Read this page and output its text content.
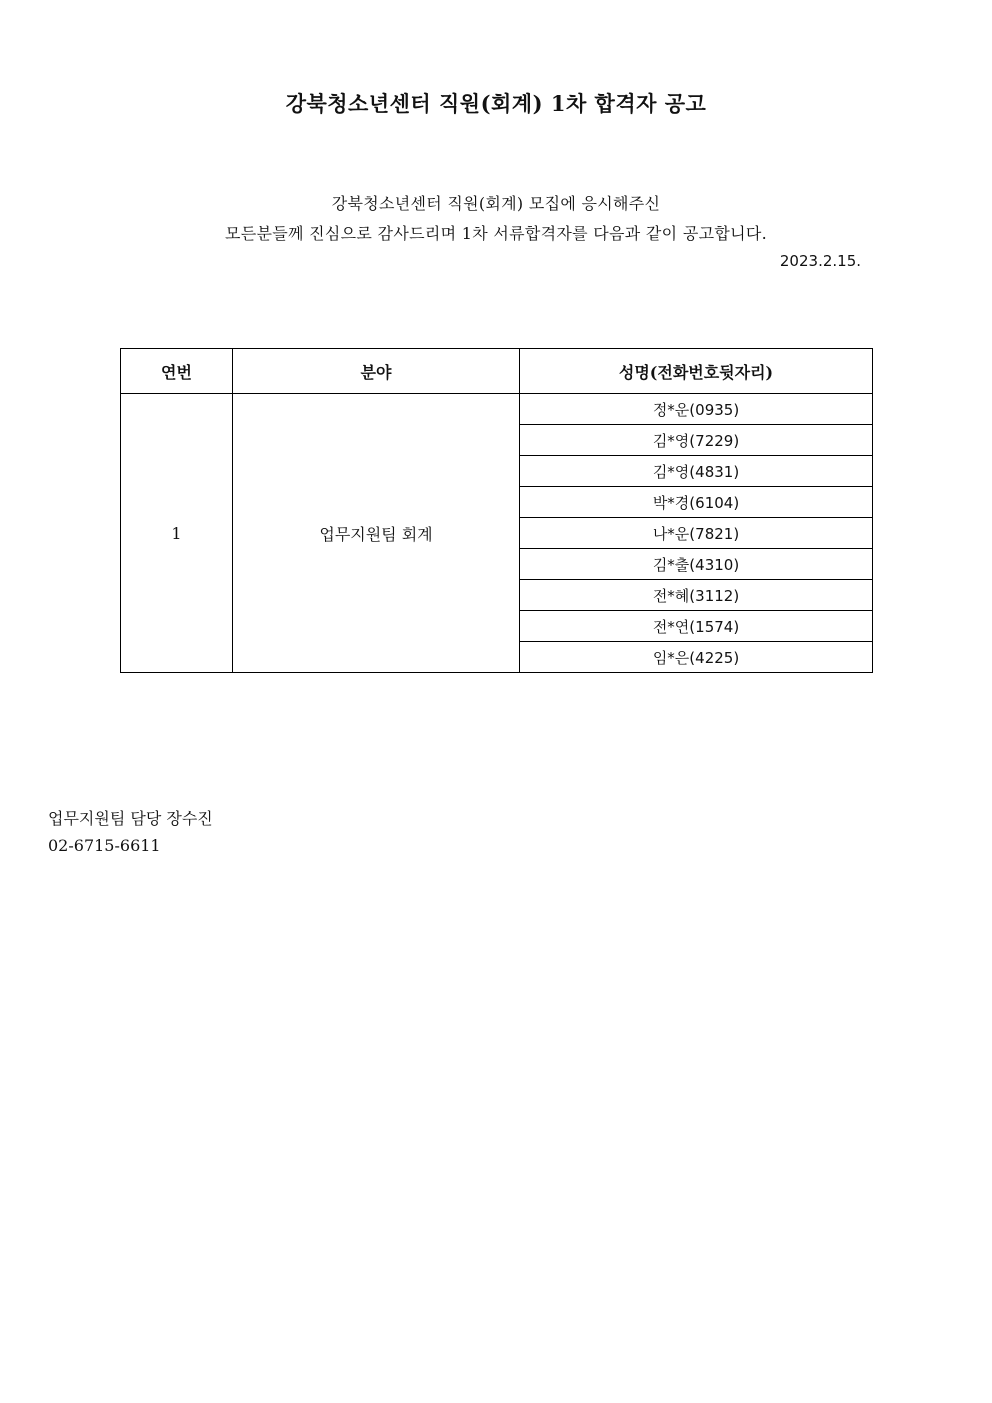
강북청소년센터 직원(회계) 1차 합격자 공고
강북청소년센터 직원(회계) 모집에 응시해주신
모든분들께 진심으로 감사드리며 1차 서류합격자를 다음과 같이 공고합니다.
2023.2.15.
연번	분야	성명(전화번호뒷자리)
1	업무지원팀 회계	정*운(0935)
		김*영(7229)
		김*영(4831)
		박*경(6104)
		나*운(7821)
		김*출(4310)
		전*혜(3112)
		전*연(1574)
		임*은(4225)
업무지원팀 담당 장수진
02-6715-6611
